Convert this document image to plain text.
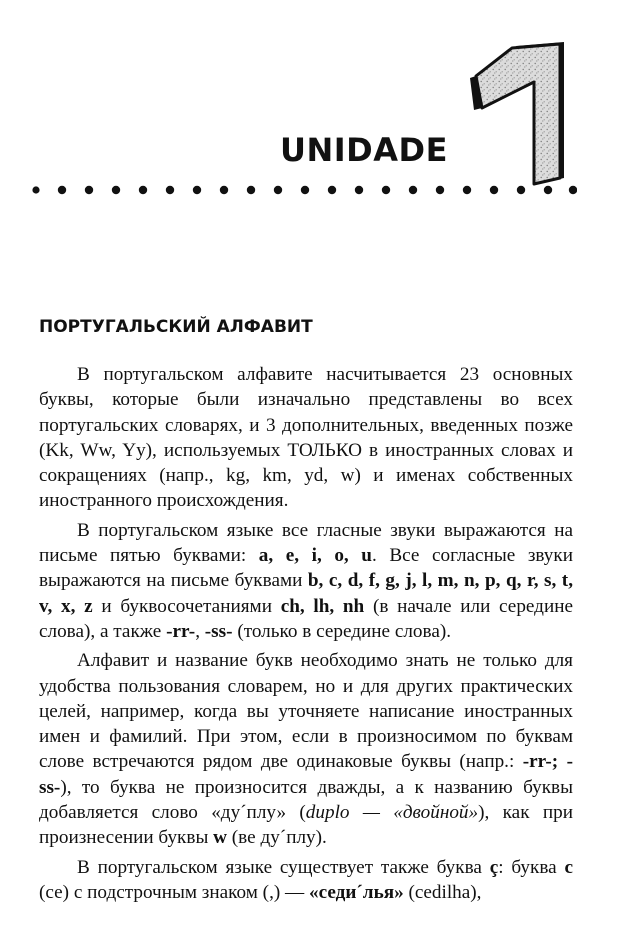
UNIDADE	1
ПОРТУГАЛЬСКИЙ АЛФАВИТ

В португальском алфавите насчитывается 23 основных буквы, которые были изначально представлены во всех португальских словарях, и 3 дополнительных, введенных позже (Kk, Ww, Yy), используемых ТОЛЬКО в иностранных словах и сокращениях (напр., kg, km, yd, w) и именах собственных иностранного происхождения.

В португальском языке все гласные звуки выражаются на письме пятью буквами: a, e, i, o, u. Все согласные звуки выражаются на письме буквами b, c, d, f, g, j, l, m, n, p, q, r, s, t, v, x, z и буквосочетаниями ch, lh, nh (в начале или середине слова), а также -rr-, -ss- (только в середине слова).

Алфавит и название букв необходимо знать не только для удобства пользования словарем, но и для других практических целей, например, когда вы уточняете написание иностранных имен и фамилий. При этом, если в произносимом по буквам слове встречаются рядом две одинаковые буквы (напр.: -rr-; -ss-), то буква не произносится дважды, а к названию буквы добавляется слово «ду´плу» (duplo — «двойной»), как при произнесении буквы w (ве ду´плу).

В португальском языке существует также буква ç: буква c (се) с подстрочным знаком (,) — «седи´лья» (cedilha),
